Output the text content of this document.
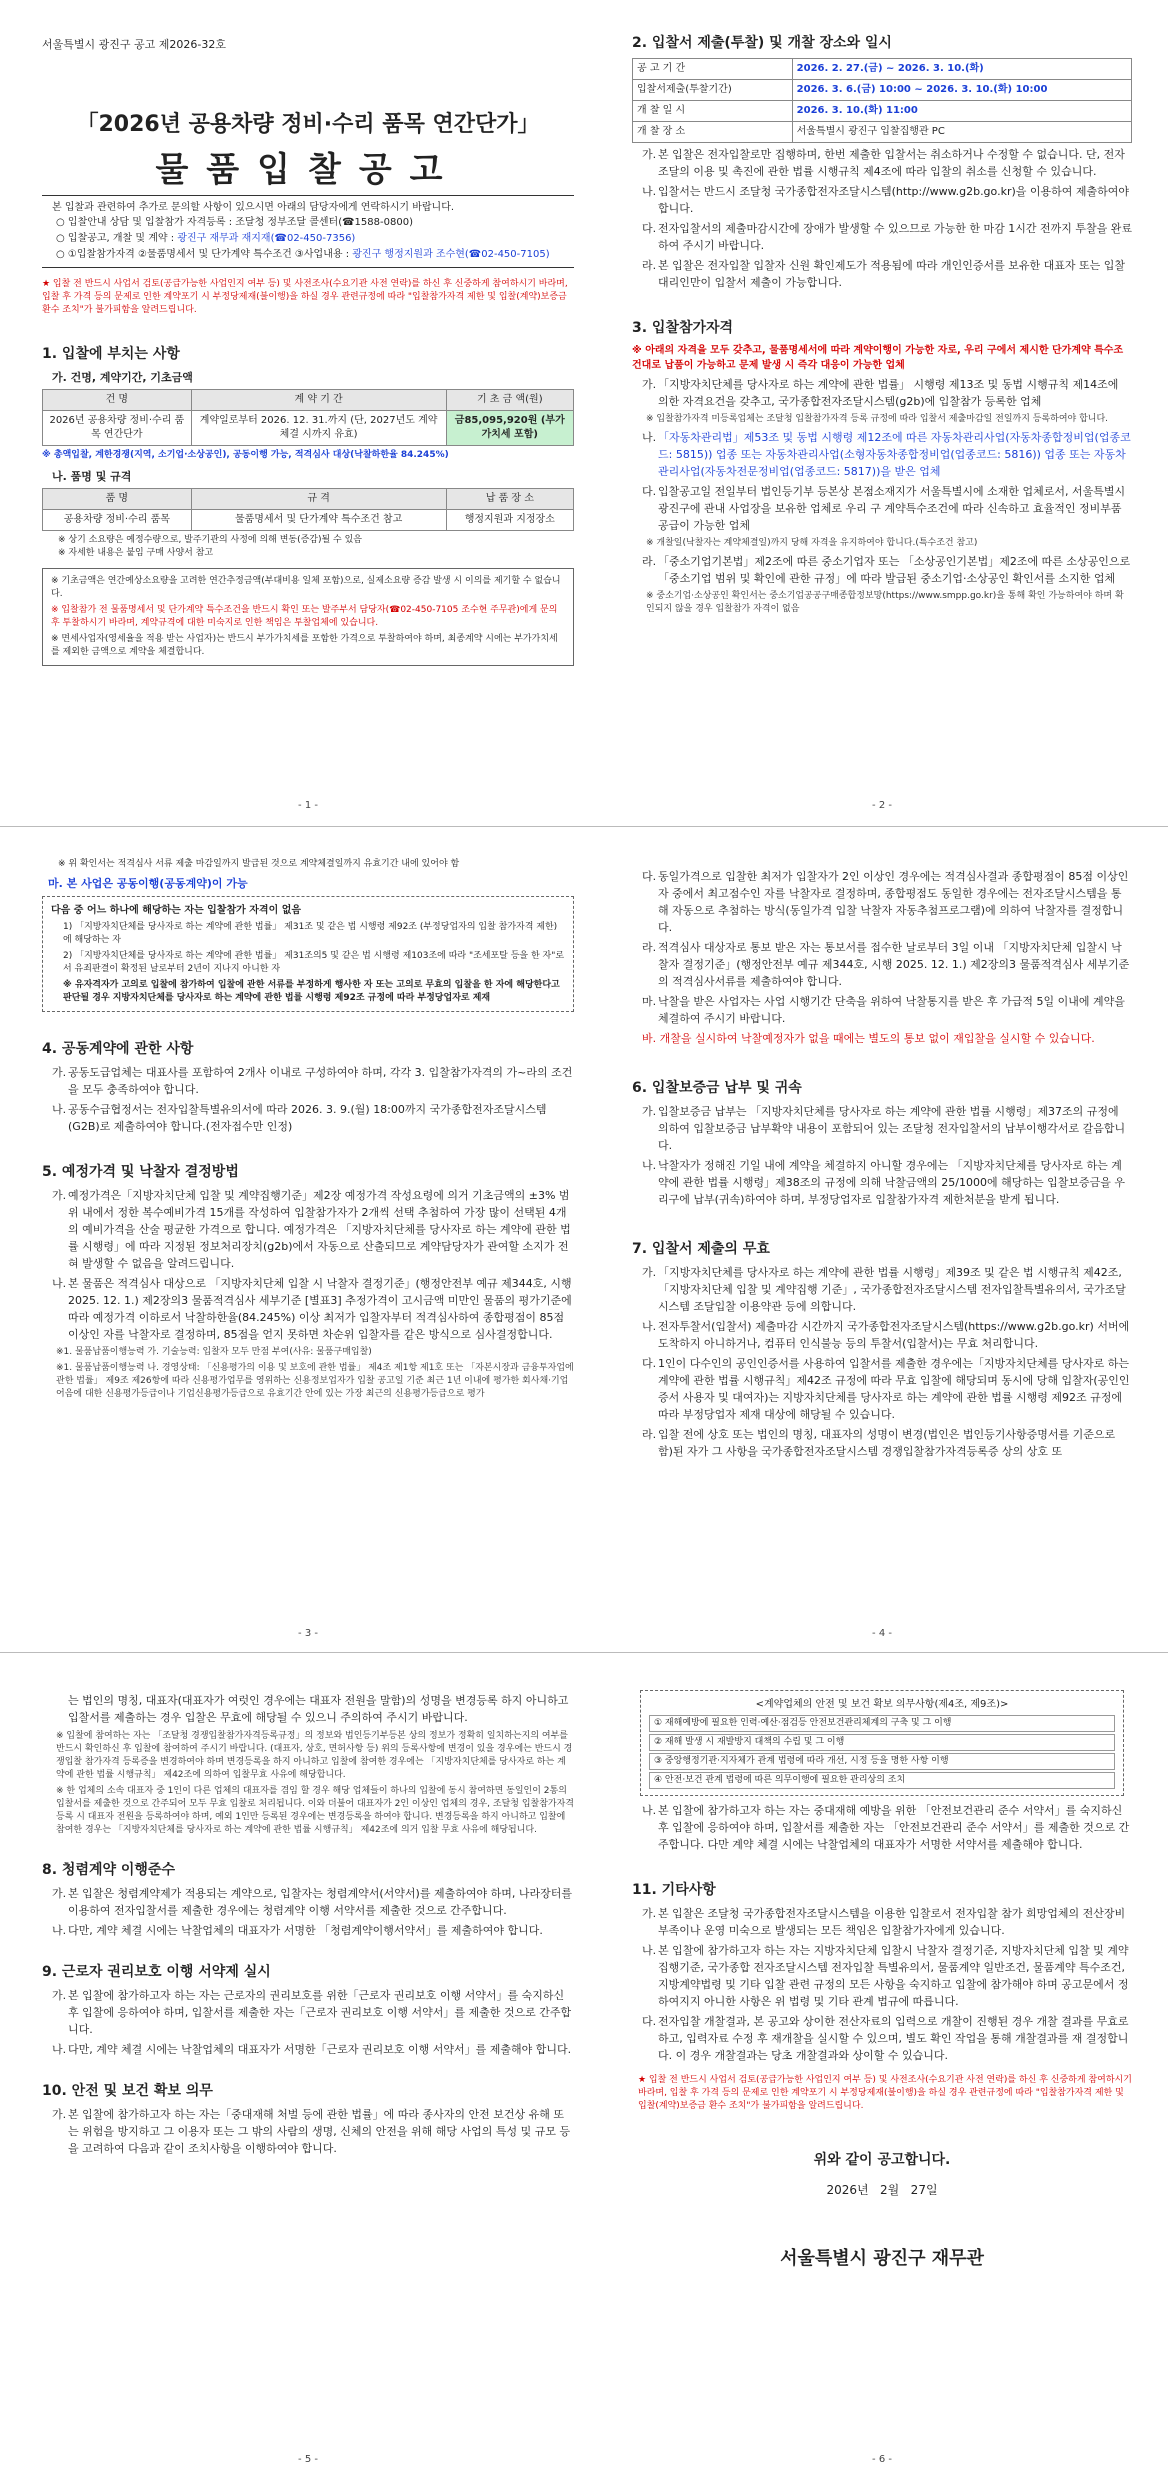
서울특별시 광진구 공고 제2026-32호
「2026년 공용차량 정비·수리 품목 연간단가」
물품입찰공고
본 입찰과 관련하여 추가로 문의할 사항이 있으시면 아래의 담당자에게 연락하시기 바랍니다.
○ 입찰안내 상담 및 입찰참가 자격등록 : 조달청 정부조달 콜센터(☎1588-0800)
○ 입찰공고, 개찰 및 계약 : 광진구 재무과 재지재(☎02-450-7356)
○ ①입찰참가자격 ②물품명세서 및 단가계약 특수조건 ③사업내용 : 광진구 행정지원과 조수현(☎02-450-7105)
★ 입찰 전 반드시 사업서 검토(공급가능한 사업인지 여부 등) 및 사전조사(수요기관 사전 연락)를 하신 후 신중하게 참여하시기 바라며, 입찰 후 가격 등의 문제로 인한 계약포기 시 부정당제재(불이행)을 하실 경우 관련규정에 따라 "입찰참가자격 제한 및 입찰(계약)보증금 환수 조치"가 불가피함을 알려드립니다.
1. 입찰에 부치는 사항
가. 건명, 계약기간, 기초금액
건 명	계 약 기 간	기 초 금 액(원)
2026년 공용차량 정비·수리 품목 연간단가	계약일로부터 2026. 12. 31.까지 (단, 2027년도 계약체결 시까지 유효)	금85,095,920원 (부가가치세 포함)
※ 총액입찰, 계한경쟁(지역, 소기업·소상공인), 공동이행 가능, 적격심사 대상(낙찰하한율 84.245%)
나. 품명 및 규격
품 명	규 격	납 품 장 소
공용차량 정비·수리 품목	물품명세서 및 단가계약 특수조건 참고	행정지원과 지정장소
※ 상기 소요량은 예정수량으로, 발주기관의 사정에 의해 변동(증감)될 수 있음
※ 자세한 내용은 붙임 구매 사양서 참고
※ 기초금액은 연간예상소요량을 고려한 연간추정금액(부대비용 일체 포함)으로, 실제소요량 증감 발생 시 이의를 제기할 수 없습니다.
※ 입찰참가 전 물품명세서 및 단가계약 특수조건을 반드시 확인 또는 발주부서 담당자(☎02-450-7105 조수현 주무관)에게 문의 후 투찰하시기 바라며, 계약규격에 대한 미숙지로 인한 책임은 투찰업체에 있습니다.
※ 면세사업자(영세율을 적용 받는 사업자)는 반드시 부가가치세를 포함한 가격으로 투찰하여야 하며, 최종계약 시에는 부가가치세를 제외한 금액으로 계약을 체결합니다.
- 1 -
2. 입찰서 제출(투찰) 및 개찰 장소와 일시
공 고 기 간	2026. 2. 27.(금) ~ 2026. 3. 10.(화)
입찰서제출(투찰기간)	2026. 3. 6.(금) 10:00 ~ 2026. 3. 10.(화) 10:00
개 찰 일 시	2026. 3. 10.(화) 11:00
개 찰 장 소	서울특별시 광진구 입찰집행관 PC
가. 본 입찰은 전자입찰로만 집행하며, 한번 제출한 입찰서는 취소하거나 수정할 수 없습니다. 단, 전자조달의 이용 및 촉진에 관한 법률 시행규칙 제4조에 따라 입찰의 취소를 신청할 수 있습니다.
나. 입찰서는 반드시 조달청 국가종합전자조달시스템(http://www.g2b.go.kr)을 이용하여 제출하여야 합니다.
다. 전자입찰서의 제출마감시간에 장애가 발생할 수 있으므로 가능한 한 마감 1시간 전까지 투찰을 완료하여 주시기 바랍니다.
라. 본 입찰은 전자입찰 입찰자 신원 확인제도가 적용됨에 따라 개인인증서를 보유한 대표자 또는 입찰 대리인만이 입찰서 제출이 가능합니다.
3. 입찰참가자격
※ 아래의 자격을 모두 갖추고, 물품명세서에 따라 계약이행이 가능한 자로, 우리 구에서 제시한 단가계약 특수조건대로 납품이 가능하고 문제 발생 시 즉각 대응이 가능한 업체
가. 「지방자치단체를 당사자로 하는 계약에 관한 법률」 시행령 제13조 및 동법 시행규칙 제14조에 의한 자격요건을 갖추고, 국가종합전자조달시스템(g2b)에 입찰참가 등록한 업체
※ 입찰참가자격 미등록업체는 조달청 입찰참가자격 등록 규정에 따라 입찰서 제출마감일 전일까지 등록하여야 합니다.
나. 「자동차관리법」제53조 및 동법 시행령 제12조에 따른 자동차관리사업(자동차종합정비업(업종코드: 5815)) 업종 또는 자동차관리사업(소형자동차종합정비업(업종코드: 5816)) 업종 또는 자동차관리사업(자동차전문정비업(업종코드: 5817))을 받은 업체
다. 입찰공고일 전일부터 법인등기부 등본상 본점소재지가 서울특별시에 소재한 업체로서, 서울특별시 광진구에 관내 사업장을 보유한 업체로 우리 구 계약특수조건에 따라 신속하고 효율적인 정비부품 공급이 가능한 업체
※ 개찰일(낙찰자는 계약체결일)까지 당해 자격을 유지하여야 합니다.(특수조건 참고)
라. 「중소기업기본법」제2조에 따른 중소기업자 또는 「소상공인기본법」제2조에 따른 소상공인으로 「중소기업 범위 및 확인에 관한 규정」에 따라 발급된 중소기업·소상공인 확인서를 소지한 업체
※ 중소기업·소상공인 확인서는 중소기업공공구매종합정보망(https://www.smpp.go.kr)을 통해 확인 가능하여야 하며 확인되지 않을 경우 입찰참가 자격이 없음
- 2 -
※ 위 확인서는 적격심사 서류 제출 마감일까지 발급된 것으로 계약체결일까지 유효기간 내에 있어야 함
마. 본 사업은 공동이행(공동계약)이 가능
다음 중 어느 하나에 해당하는 자는 입찰참가 자격이 없음
1) 「지방자치단체를 당사자로 하는 계약에 관한 법률」 제31조 및 같은 법 시행령 제92조 (부정당업자의 입찰 참가자격 제한)에 해당하는 자
2) 「지방자치단체를 당사자로 하는 계약에 관한 법률」 제31조의5 및 같은 법 시행령 제103조에 따라 "조세포탈 등을 한 자"로서 유죄판결이 확정된 날로부터 2년이 지나지 아니한 자
※ 유자격자가 고의로 입찰에 참가하여 입찰에 관한 서류를 부정하게 행사한 자 또는 고의로 무효의 입찰을 한 자에 해당한다고 판단될 경우 지방자치단체를 당사자로 하는 계약에 관한 법률 시행령 제92조 규정에 따라 부정당업자로 제재
4. 공동계약에 관한 사항
가. 공동도급업체는 대표사를 포함하여 2개사 이내로 구성하여야 하며, 각각 3. 입찰참가자격의 가~라의 조건을 모두 충족하여야 합니다.
나. 공동수급협정서는 전자입찰특별유의서에 따라 2026. 3. 9.(월) 18:00까지 국가종합전자조달시스템(G2B)로 제출하여야 합니다.(전자접수만 인정)
5. 예정가격 및 낙찰자 결정방법
가. 예정가격은「지방자치단체 입찰 및 계약집행기준」제2장 예정가격 작성요령에 의거 기초금액의 ±3% 범위 내에서 정한 복수예비가격 15개를 작성하여 입찰참가자가 2개씩 선택 추첨하여 가장 많이 선택된 4개의 예비가격을 산술 평균한 가격으로 합니다. 예정가격은 「지방자치단체를 당사자로 하는 계약에 관한 법률 시행령」에 따라 지정된 정보처리장치(g2b)에서 자동으로 산출되므로 계약담당자가 관여할 소지가 전혀 발생할 수 없음을 알려드립니다.
나. 본 물품은 적격심사 대상으로 「지방자치단체 입찰 시 낙찰자 결정기준」(행정안전부 예규 제344호, 시행 2025. 12. 1.) 제2장의3 물품적격심사 세부기준 [별표3] 추정가격이 고시금액 미만인 물품의 평가기준에 따라 예정가격 이하로서 낙찰하한율(84.245%) 이상 최저가 입찰자부터 적격심사하여 종합평점이 85점 이상인 자를 낙찰자로 결정하며, 85점을 얻지 못하면 차순위 입찰자를 같은 방식으로 심사결정합니다.
※1. 물품납품이행능력 가. 기술능력: 입찰자 모두 만점 부여(사유: 물품구매입찰)
※1. 물품납품이행능력 나. 경영상태: 「신용평가의 이용 및 보호에 관한 법률」 제4조 제1항 제1호 또는 「자본시장과 금융투자업에 관한 법률」 제9조 제26항에 따라 신용평가업무를 영위하는 신용정보업자가 입찰 공고일 기준 최근 1년 이내에 평가한 회사채·기업어음에 대한 신용평가등급이나 기업신용평가등급으로 유효기간 안에 있는 가장 최근의 신용평가등급으로 평가
- 3 -
다. 동일가격으로 입찰한 최저가 입찰자가 2인 이상인 경우에는 적격심사결과 종합평점이 85점 이상인 자 중에서 최고점수인 자를 낙찰자로 결정하며, 종합평점도 동일한 경우에는 전자조달시스템을 통해 자동으로 추첨하는 방식(동일가격 입찰 낙찰자 자동추첨프로그램)에 의하여 낙찰자를 결정합니다.
라. 적격심사 대상자로 통보 받은 자는 통보서를 접수한 날로부터 3일 이내 「지방자치단체 입찰시 낙찰자 결정기준」(행정안전부 예규 제344호, 시행 2025. 12. 1.) 제2장의3 물품적격심사 세부기준의 적격심사서류를 제출하여야 합니다.
마. 낙찰을 받은 사업자는 사업 시행기간 단축을 위하여 낙찰통지를 받은 후 가급적 5일 이내에 계약을 체결하여 주시기 바랍니다.
바. 개찰을 실시하여 낙찰예정자가 없을 때에는 별도의 통보 없이 재입찰을 실시할 수 있습니다.
6. 입찰보증금 납부 및 귀속
가. 입찰보증금 납부는 「지방자치단체를 당사자로 하는 계약에 관한 법률 시행령」제37조의 규정에 의하여 입찰보증금 납부확약 내용이 포함되어 있는 조달청 전자입찰서의 납부이행각서로 갈음합니다.
나. 낙찰자가 정해진 기일 내에 계약을 체결하지 아니할 경우에는 「지방자치단체를 당사자로 하는 계약에 관한 법률 시행령」제38조의 규정에 의해 낙찰금액의 25/1000에 해당하는 입찰보증금을 우리구에 납부(귀속)하여야 하며, 부정당업자로 입찰참가자격 제한처분을 받게 됩니다.
7. 입찰서 제출의 무효
가. 「지방자치단체를 당사자로 하는 계약에 관한 법률 시행령」제39조 및 같은 법 시행규칙 제42조, 「지방자치단체 입찰 및 계약집행 기준」, 국가종합전자조달시스템 전자입찰특별유의서, 국가조달시스템 조달입찰 이용약관 등에 의합니다.
나. 전자투찰서(입찰서) 제출마감 시간까지 국가종합전자조달시스템(https://www.g2b.go.kr) 서버에 도착하지 아니하거나, 컴퓨터 인식불능 등의 투찰서(입찰서)는 무효 처리합니다.
다. 1인이 다수인의 공인인증서를 사용하여 입찰서를 제출한 경우에는「지방자치단체를 당사자로 하는 계약에 관한 법률 시행규칙」제42조 규정에 따라 무효 입찰에 해당되며 동시에 당해 입찰자(공인인증서 사용자 및 대여자)는 지방자치단체를 당사자로 하는 계약에 관한 법률 시행령 제92조 규정에 따라 부정당업자 제재 대상에 해당될 수 있습니다.
라. 입찰 전에 상호 또는 법인의 명칭, 대표자의 성명이 변경(법인은 법인등기사항증명서를 기준으로 함)된 자가 그 사항을 국가종합전자조달시스템 경쟁입찰참가자격등록증 상의 상호 또
- 4 -
는 법인의 명칭, 대표자(대표자가 여럿인 경우에는 대표자 전원을 말함)의 성명을 변경등록 하지 아니하고 입찰서를 제출하는 경우 입찰은 무효에 해당될 수 있으니 주의하여 주시기 바랍니다.
※ 입찰에 참여하는 자는 「조달청 경쟁입찰참가자격등록규정」의 정보와 법인등기부등본 상의 정보가 정확히 일치하는지의 여부를 반드시 확인하신 후 입찰에 참여하여 주시기 바랍니다. (대표자, 상호, 면허사항 등) 위의 등록사항에 변경이 있을 경우에는 반드시 경쟁입찰 참가자격 등록증을 변경하여야 하며 변경등록을 하지 아니하고 입찰에 참여한 경우에는 「지방자치단체를 당사자로 하는 계약에 관한 법률 시행규칙」 제42조에 의하여 입찰무효 사유에 해당합니다.
※ 한 업체의 소속 대표자 중 1인이 다른 업체의 대표자를 겸임 할 경우 해당 업체들이 하나의 입찰에 동시 참여하면 동일인이 2통의 입찰서를 제출한 것으로 간주되어 모두 무효 입찰로 처리됩니다. 이와 더불어 대표자가 2인 이상인 업체의 경우, 조달청 입찰참가자격 등록 시 대표자 전원을 등록하여야 하며, 예외 1인만 등록된 경우에는 변경등록을 하여야 합니다. 변경등록을 하지 아니하고 입찰에 참여한 경우는 「지방자치단체를 당사자로 하는 계약에 관한 법률 시행규칙」 제42조에 의거 입찰 무효 사유에 해당됩니다.
8. 청렴계약 이행준수
가. 본 입찰은 청렴계약제가 적용되는 계약으로, 입찰자는 청렴계약서(서약서)를 제출하여야 하며, 나라장터를 이용하여 전자입찰서를 제출한 경우에는 청렴계약 이행 서약서를 제출한 것으로 간주합니다.
나. 다만, 계약 체결 시에는 낙찰업체의 대표자가 서명한 「청렴계약이행서약서」를 제출하여야 합니다.
9. 근로자 권리보호 이행 서약제 실시
가. 본 입찰에 참가하고자 하는 자는 근로자의 권리보호를 위한「근로자 권리보호 이행 서약서」를 숙지하신 후 입찰에 응하여야 하며, 입찰서를 제출한 자는「근로자 권리보호 이행 서약서」를 제출한 것으로 간주합니다.
나. 다만, 계약 체결 시에는 낙찰업체의 대표자가 서명한「근로자 권리보호 이행 서약서」를 제출해야 합니다.
10. 안전 및 보건 확보 의무
가. 본 입찰에 참가하고자 하는 자는「중대재해 처벌 등에 관한 법률」에 따라 종사자의 안전 보건상 유해 또는 위험을 방지하고 그 이용자 또는 그 밖의 사람의 생명, 신체의 안전을 위해 해당 사업의 특성 및 규모 등을 고려하여 다음과 같이 조치사항을 이행하여야 합니다.
- 5 -
<계약업체의 안전 및 보건 확보 의무사항(제4조, 제9조)>
① 재해예방에 필요한 인력·예산·점검등 안전보건관리체계의 구축 및 그 이행
② 재해 발생 시 재발방지 대책의 수립 및 그 이행
③ 중앙행정기관·지자체가 관계 법령에 따라 개선, 시정 등을 명한 사항 이행
④ 안전·보건 관계 법령에 따른 의무이행에 필요한 관리상의 조치
나. 본 입찰에 참가하고자 하는 자는 중대재해 예방을 위한 「안전보건관리 준수 서약서」를 숙지하신 후 입찰에 응하여야 하며, 입찰서를 제출한 자는 「안전보건관리 준수 서약서」를 제출한 것으로 간주합니다. 다만 계약 체결 시에는 낙찰업체의 대표자가 서명한 서약서를 제출해야 합니다.
11. 기타사항
가. 본 입찰은 조달청 국가종합전자조달시스템을 이용한 입찰로서 전자입찰 참가 희망업체의 전산장비 부족이나 운영 미숙으로 발생되는 모든 책임은 입찰참가자에게 있습니다.
나. 본 입찰에 참가하고자 하는 자는 지방자치단체 입찰시 낙찰자 결정기준, 지방자치단체 입찰 및 계약 집행기준, 국가종합 전자조달시스템 전자입찰 특별유의서, 물품계약 일반조건, 물품계약 특수조건, 지방계약법령 및 기타 입찰 관련 규정의 모든 사항을 숙지하고 입찰에 참가해야 하며 공고문에서 정하여지지 아니한 사항은 위 법령 및 기타 관계 법규에 따릅니다.
다. 전자입찰 개찰결과, 본 공고와 상이한 전산자료의 입력으로 개찰이 진행된 경우 개찰 결과를 무효로 하고, 입력자료 수정 후 재개찰을 실시할 수 있으며, 별도 확인 작업을 통해 개찰결과를 재 결정합니다. 이 경우 개찰결과는 당초 개찰결과와 상이할 수 있습니다.
★ 입찰 전 반드시 사업서 검토(공급가능한 사업인지 여부 등) 및 사전조사(수요기관 사전 연락)를 하신 후 신중하게 참여하시기 바라며, 입찰 후 가격 등의 문제로 인한 계약포기 시 부정당제재(불이행)을 하실 경우 관련규정에 따라 "입찰참가자격 제한 및 입찰(계약)보증금 환수 조치"가 불가피함을 알려드립니다.
위와 같이 공고합니다.
2026년   2월   27일
서울특별시 광진구 재무관
- 6 -
